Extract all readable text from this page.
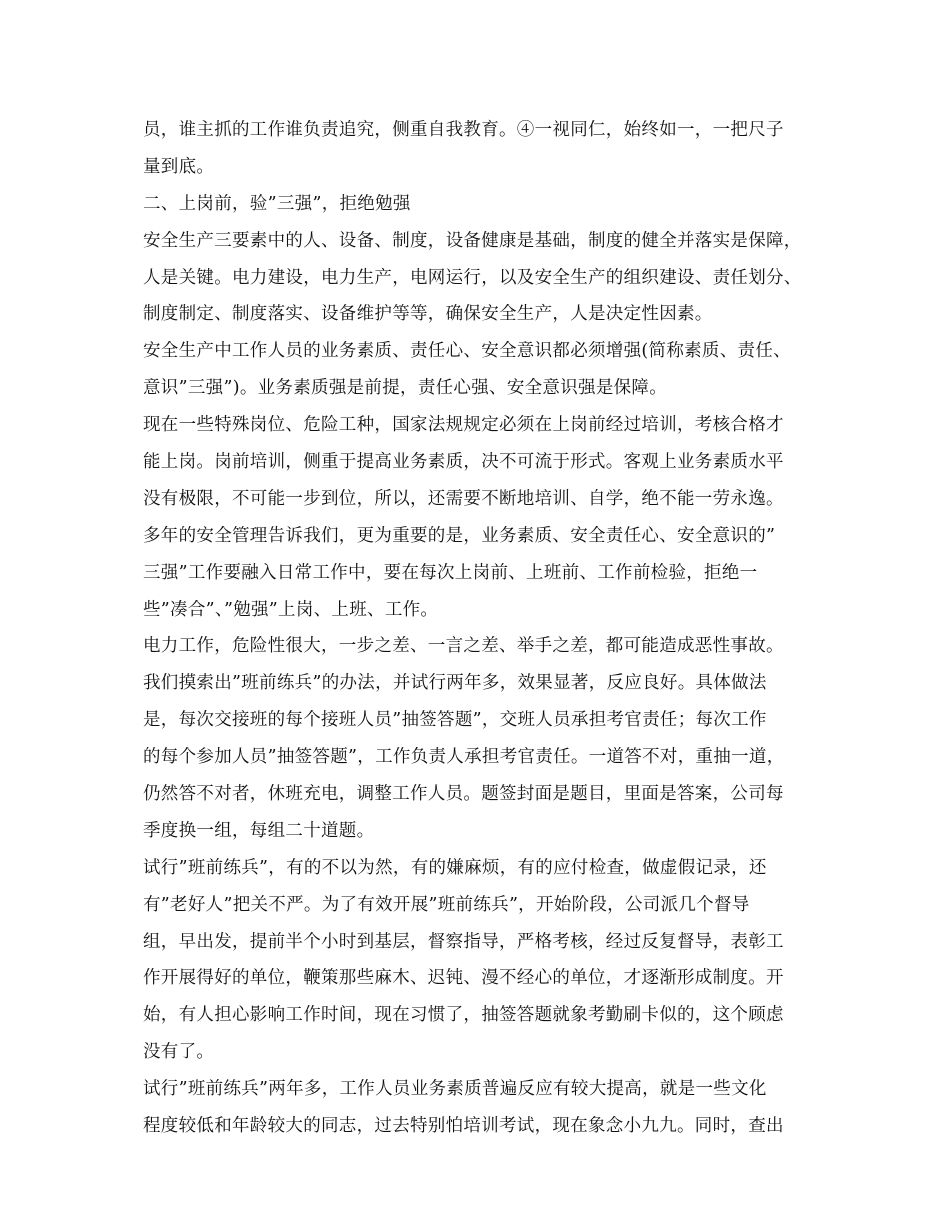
员，谁主抓的工作谁负责追究，侧重自我教育。④一视同仁，始终如一，一把尺子
量到底。
二、上岗前，验”三强”，拒绝勉强
安全生产三要素中的人、设备、制度，设备健康是基础，制度的健全并落实是保障，
人是关键。电力建设，电力生产，电网运行，以及安全生产的组织建设、责任划分、
制度制定、制度落实、设备维护等等，确保安全生产，人是决定性因素。
安全生产中工作人员的业务素质、责任心、安全意识都必须增强(简称素质、责任、
意识”三强”)。业务素质强是前提，责任心强、安全意识强是保障。
现在一些特殊岗位、危险工种，国家法规规定必须在上岗前经过培训，考核合格才
能上岗。岗前培训，侧重于提高业务素质，决不可流于形式。客观上业务素质水平
没有极限，不可能一步到位，所以，还需要不断地培训、自学，绝不能一劳永逸。
多年的安全管理告诉我们，更为重要的是，业务素质、安全责任心、安全意识的”
三强”工作要融入日常工作中，要在每次上岗前、上班前、工作前检验，拒绝一
些”凑合”、”勉强”上岗、上班、工作。
电力工作，危险性很大，一步之差、一言之差、举手之差，都可能造成恶性事故。
我们摸索出”班前练兵”的办法，并试行两年多，效果显著，反应良好。具体做法
是，每次交接班的每个接班人员”抽签答题”，交班人员承担考官责任；每次工作
的每个参加人员”抽签答题”，工作负责人承担考官责任。一道答不对，重抽一道，
仍然答不对者，休班充电，调整工作人员。题签封面是题目，里面是答案，公司每
季度换一组，每组二十道题。
试行”班前练兵”，有的不以为然，有的嫌麻烦，有的应付检查，做虚假记录，还
有”老好人”把关不严。为了有效开展”班前练兵”，开始阶段，公司派几个督导
组，早出发，提前半个小时到基层，督察指导，严格考核，经过反复督导，表彰工
作开展得好的单位，鞭策那些麻木、迟钝、漫不经心的单位，才逐渐形成制度。开
始，有人担心影响工作时间，现在习惯了，抽签答题就象考勤刷卡似的，这个顾虑
没有了。
试行”班前练兵”两年多，工作人员业务素质普遍反应有较大提高，就是一些文化
程度较低和年龄较大的同志，过去特别怕培训考试，现在象念小九九。同时，查出
